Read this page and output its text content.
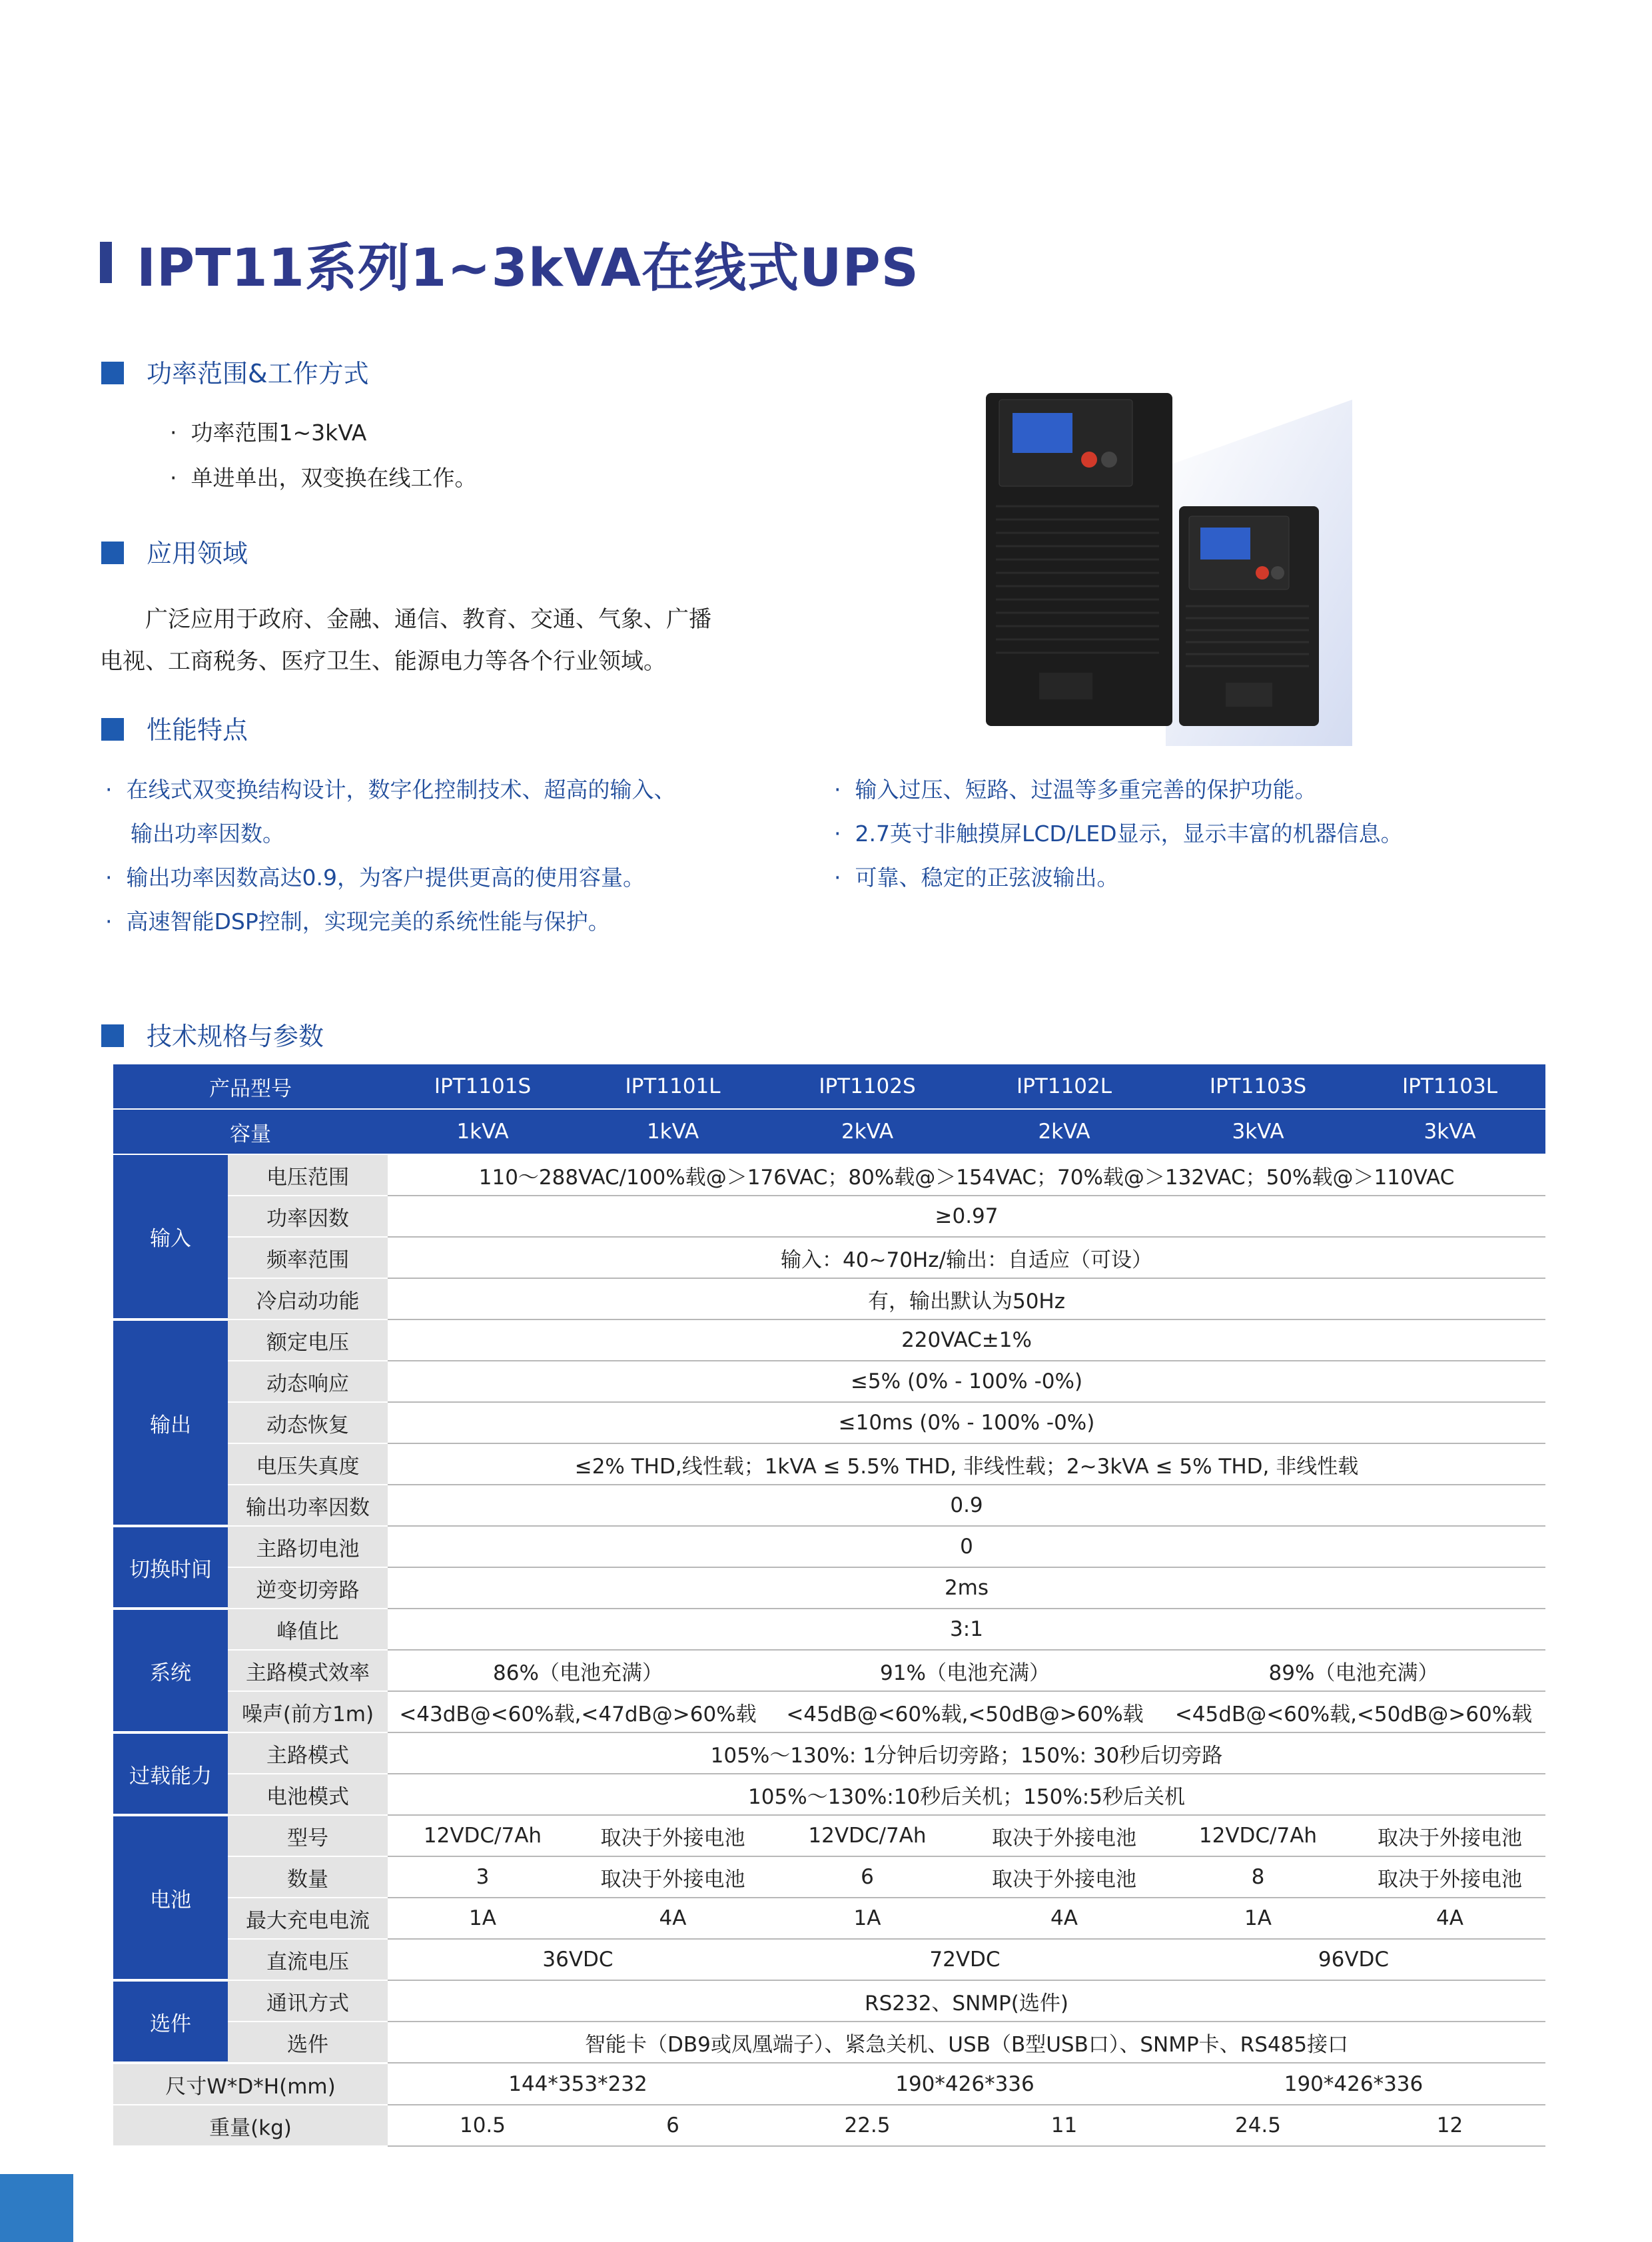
IPT11系列1~3kVA在线式UPS
功率范围&工作方式
· 功率范围1~3kVA
· 单进单出，双变换在线工作。
应用领域
广泛应用于政府、金融、通信、教育、交通、气象、广播
电视、工商税务、医疗卫生、能源电力等各个行业领域。
性能特点
· 在线式双变换结构设计，数字化控制技术、超高的输入、
输出功率因数。
· 输出功率因数高达0.9，为客户提供更高的使用容量。
· 高速智能DSP控制，实现完美的系统性能与保护。
· 输入过压、短路、过温等多重完善的保护功能。
· 2.7英寸非触摸屏LCD/LED显示，显示丰富的机器信息。
· 可靠、稳定的正弦波输出。
技术规格与参数
产品型号		IPT1101S	IPT1101L	IPT1102S	IPT1102L	IPT1103S	IPT1103L
容量		1kVA	1kVA	2kVA	2kVA	3kVA	3kVA
输入	电压范围	110～288VAC/100%载@＞176VAC；80%载@＞154VAC；70%载@＞132VAC；50%载@＞110VAC					
	功率因数	≥0.97					
	频率范围	输入：40~70Hz/输出：自适应（可设）					
	冷启动功能	有，输出默认为50Hz					
输出	额定电压	220VAC±1%					
	动态响应	≤5% (0% - 100% -0%)					
	动态恢复	≤10ms (0% - 100% -0%)					
	电压失真度	≤2% THD,线性载；1kVA ≤ 5.5% THD, 非线性载；2~3kVA ≤ 5% THD, 非线性载					
	输出功率因数	0.9					
切换时间	主路切电池	0					
	逆变切旁路	2ms					
系统	峰值比	3:1					
	主路模式效率	86%（电池充满）		91%（电池充满）		89%（电池充满）	
	噪声(前方1m)	<43dB@<60%载,<47dB@>60%载		<45dB@<60%载,<50dB@>60%载		<45dB@<60%载,<50dB@>60%载	
过载能力	主路模式	105%～130%: 1分钟后切旁路；150%: 30秒后切旁路					
	电池模式	105%～130%:10秒后关机；150%:5秒后关机					
电池	型号	12VDC/7Ah	取决于外接电池	12VDC/7Ah	取决于外接电池	12VDC/7Ah	取决于外接电池
	数量	3	取决于外接电池	6	取决于外接电池	8	取决于外接电池
	最大充电电流	1A	4A	1A	4A	1A	4A
	直流电压	36VDC		72VDC		96VDC	
选件	通讯方式	RS232、SNMP(选件)					
	选件	智能卡（DB9或凤凰端子）、紧急关机、USB（B型USB口）、SNMP卡、RS485接口					
尺寸W*D*H(mm)		144*353*232		190*426*336		190*426*336	
重量(kg)		10.5	6	22.5	11	24.5	12
